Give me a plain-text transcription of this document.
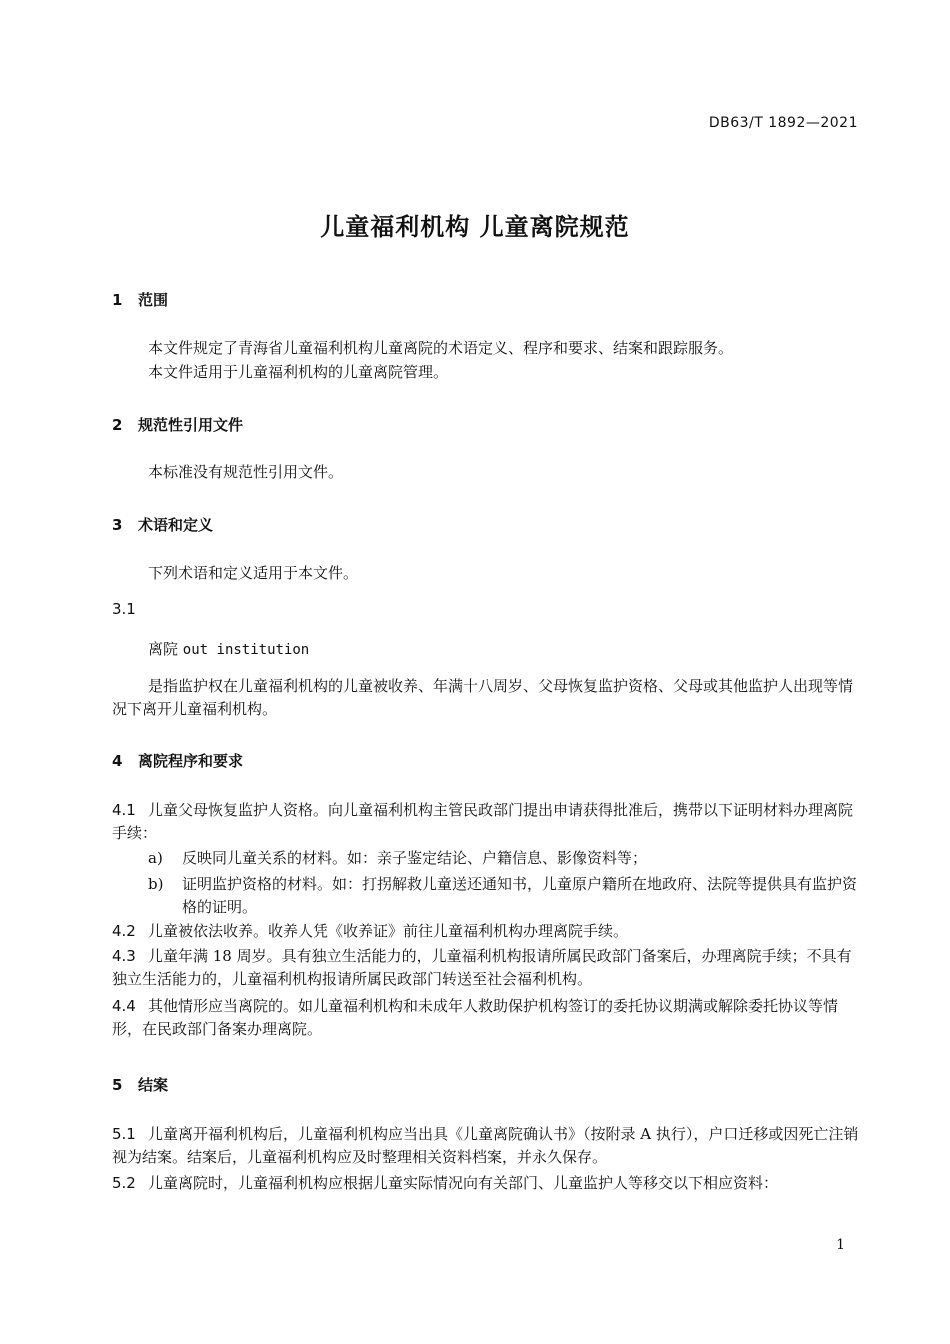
DB63/T 1892—2021
儿童福利机构 儿童离院规范
1 范围
本文件规定了青海省儿童福利机构儿童离院的术语定义、程序和要求、结案和跟踪服务。
本文件适用于儿童福利机构的儿童离院管理。
2 规范性引用文件
本标准没有规范性引用文件。
3 术语和定义
下列术语和定义适用于本文件。
3.1
离院 out institution
是指监护权在儿童福利机构的儿童被收养、年满十八周岁、父母恢复监护资格、父母或其他监护人出现等情况下离开儿童福利机构。
4 离院程序和要求
4.1 儿童父母恢复监护人资格。向儿童福利机构主管民政部门提出申请获得批准后，携带以下证明材料办理离院手续：
a) 反映同儿童关系的材料。如：亲子鉴定结论、户籍信息、影像资料等；
b) 证明监护资格的材料。如：打拐解救儿童送还通知书，儿童原户籍所在地政府、法院等提供具有监护资格的证明。
4.2 儿童被依法收养。收养人凭《收养证》前往儿童福利机构办理离院手续。
4.3 儿童年满 18 周岁。具有独立生活能力的，儿童福利机构报请所属民政部门备案后，办理离院手续；不具有独立生活能力的，儿童福利机构报请所属民政部门转送至社会福利机构。
4.4 其他情形应当离院的。如儿童福利机构和未成年人救助保护机构签订的委托协议期满或解除委托协议等情形，在民政部门备案办理离院。
5 结案
5.1 儿童离开福利机构后，儿童福利机构应当出具《儿童离院确认书》（按附录 A 执行），户口迁移或因死亡注销视为结案。结案后，儿童福利机构应及时整理相关资料档案，并永久保存。
5.2 儿童离院时，儿童福利机构应根据儿童实际情况向有关部门、儿童监护人等移交以下相应资料：
1
